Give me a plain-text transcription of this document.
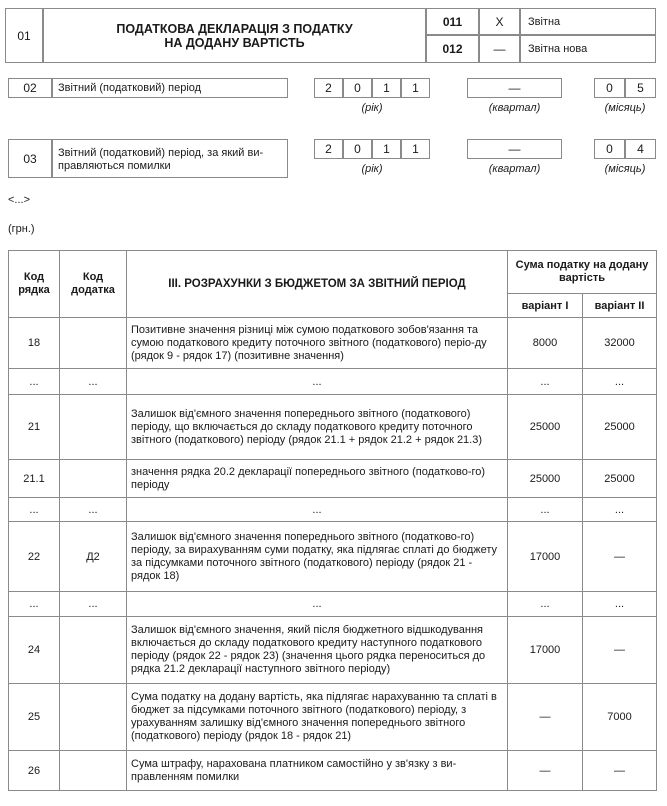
01	ПОДАТКОВА ДЕКЛАРАЦІЯ З ПОДАТКУ
НА ДОДАНУ ВАРТІСТЬ
011	X	Звітна
012	—	Звітна нова
02	Звітний (податковий) період	2	0	1	1
(рік)
—
(квартал)
0	5
(місяць)
03	Звітний (податковий) період, за який ви-
правляються помилки
2	0	1	1
(рік)
—
(квартал)
0	4
(місяць)
<...>
(грн.)
Код рядка	Код додатка	ІІІ. РОЗРАХУНКИ З БЮДЖЕТОМ ЗА ЗВІТНИЙ ПЕРІОД	Сума податку на додану вартість	
			варіант I	варіант II
18		Позитивне значення різниці між сумою податкового зобов'язання та сумою податкового кредиту поточного звітного (податкового) періо-ду (рядок 9 - рядок 17) (позитивне значення)	8000	32000
...	...	...	...	...
21		Залишок від'ємного значення попереднього звітного (податкового) періоду, що включається до складу податкового кредиту поточного звітного (податкового) періоду (рядок 21.1 + рядок 21.2 + рядок 21.3)	25000	25000
21.1		значення рядка 20.2 декларації попереднього звітного (податково-го) періоду	25000	25000
...	...	...	...	...
22	Д2	Залишок від'ємного значення попереднього звітного (податково-го) періоду, за вирахуванням суми податку, яка підлягає сплаті до бюджету за підсумками поточного звітного (податкового) періоду (рядок 21 - рядок 18)	17000	—
...	...	...	...	...
24		Залишок від'ємного значення, який після бюджетного відшкодування включається до складу податкового кредиту наступного податкового періоду (рядок 22 - рядок 23) (значення цього рядка переноситься до рядка 21.2 декларації наступного звітного періоду)	17000	—
25		Сума податку на додану вартість, яка підлягає нарахуванню та сплаті в бюджет за підсумками поточного звітного (податкового) періоду, з урахуванням залишку від'ємного значення попереднього звітного (податкового) періоду (рядок 18 - рядок 21)	—	7000
26		Сума штрафу, нарахована платником самостійно у зв'язку з ви-правленням помилки	—	—
